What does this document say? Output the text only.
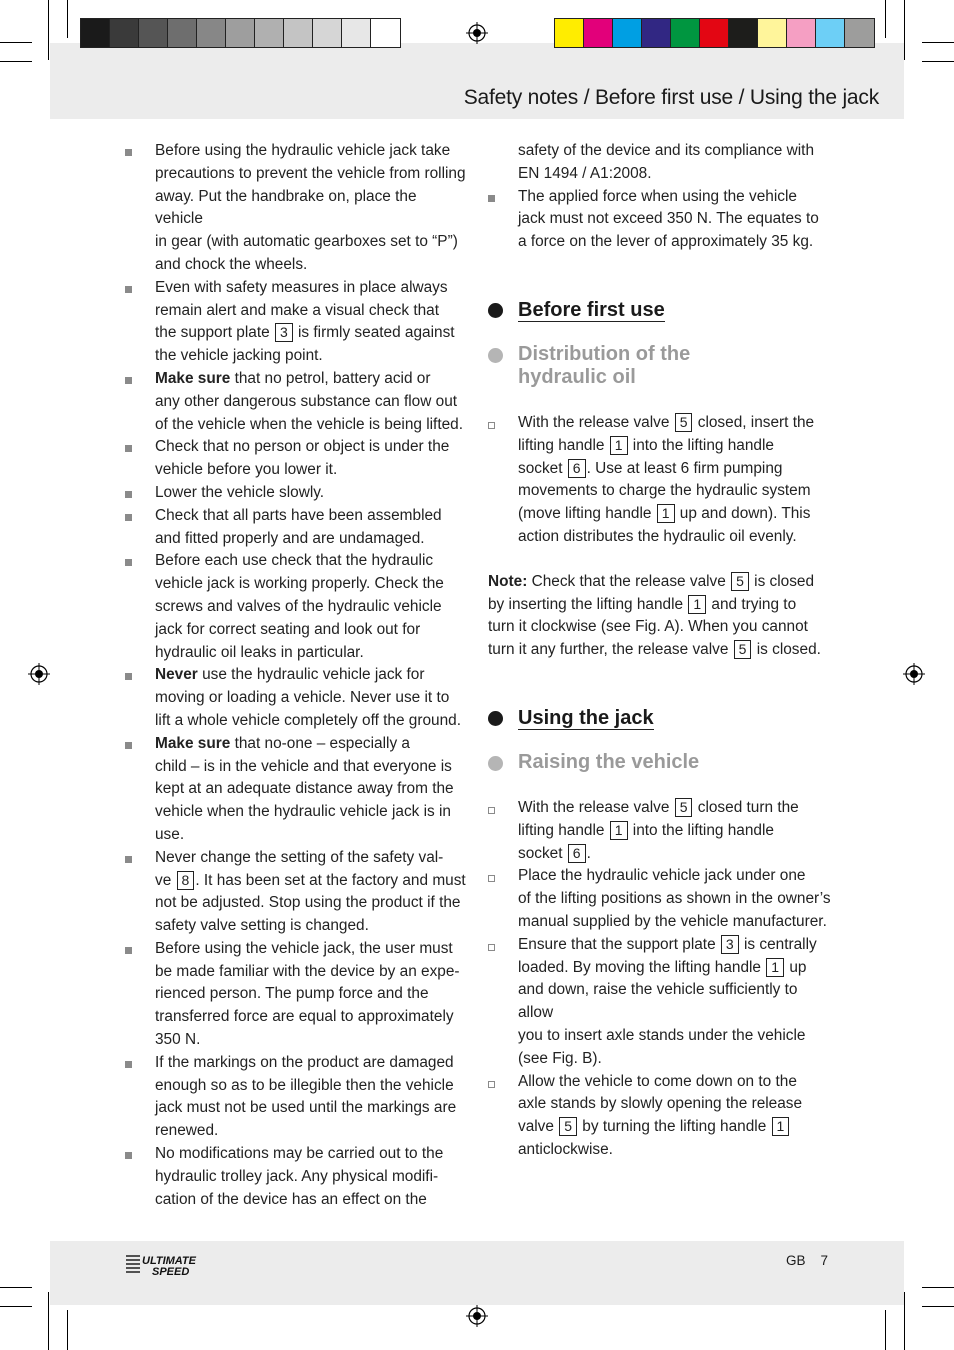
Safety notes / Before first use / Using the jack
Before using the hydraulic vehicle jack take
precautions to prevent the vehicle from rolling
away. Put the handbrake on, place the vehicle
in gear (with automatic gearboxes set to “P”)
and chock the wheels.
Even with safety measures in place always
remain alert and make a visual check that
the support plate 3 is firmly seated against
the vehicle jacking point.
Make sure that no petrol, battery acid or
any other dangerous substance can flow out
of the vehicle when the vehicle is being lifted.
Check that no person or object is under the
vehicle before you lower it.
Lower the vehicle slowly.
Check that all parts have been assembled
and fitted properly and are undamaged.
Before each use check that the hydraulic
vehicle jack is working properly. Check the
screws and valves of the hydraulic vehicle
jack for correct seating and look out for
hydraulic oil leaks in particular.
Never use the hydraulic vehicle jack for
moving or loading a vehicle. Never use it to
lift a whole vehicle completely off the ground.
Make sure that no-one – especially a
child – is in the vehicle and that everyone is
kept at an adequate distance away from the
vehicle when the hydraulic vehicle jack is in
use.
Never change the setting of the safety val-
ve 8 . It has been set at the factory and must
not be adjusted. Stop using the product if the
safety valve setting is changed.
Before using the vehicle jack, the user must
be made familiar with the device by an expe-
rienced person. The pump force and the
transferred force are equal to approximately
350 N.
If the markings on the product are damaged
enough so as to be illegible then the vehicle
jack must not be used until the markings are
renewed.
No modifications may be carried out to the
hydraulic trolley jack. Any physical modifi-
cation of the device has an effect on the
safety of the device and its compliance with
EN 1494 / A1:2008.
The applied force when using the vehicle
jack must not exceed 350 N. The equates to
a force on the lever of approximately 35 kg.
Before first use
Distribution of the
hydraulic oil
With the release valve 5 closed, insert the
lifting handle 1 into the lifting handle
socket 6 . Use at least 6 firm pumping
movements to charge the hydraulic system
(move lifting handle 1 up and down). This
action distributes the hydraulic oil evenly.
Note: Check that the release valve 5 is closed
by inserting the lifting handle 1 and trying to
turn it clockwise (see Fig. A). When you cannot
turn it any further, the release valve 5 is closed.
Using the jack
Raising the vehicle
With the release valve 5 closed turn the
lifting handle 1 into the lifting handle
socket 6 .
Place the hydraulic vehicle jack under one
of the lifting positions as shown in the owner’s
manual supplied by the vehicle manufacturer.
Ensure that the support plate 3 is centrally
loaded. By moving the lifting handle 1 up
and down, raise the vehicle sufficiently to allow
you to insert axle stands under the vehicle
(see Fig. B).
Allow the vehicle to come down on to the
axle stands by slowly opening the release
valve 5 by turning the lifting handle 1
anticlockwise.
ULTIMATE
SPEED
GB 7
